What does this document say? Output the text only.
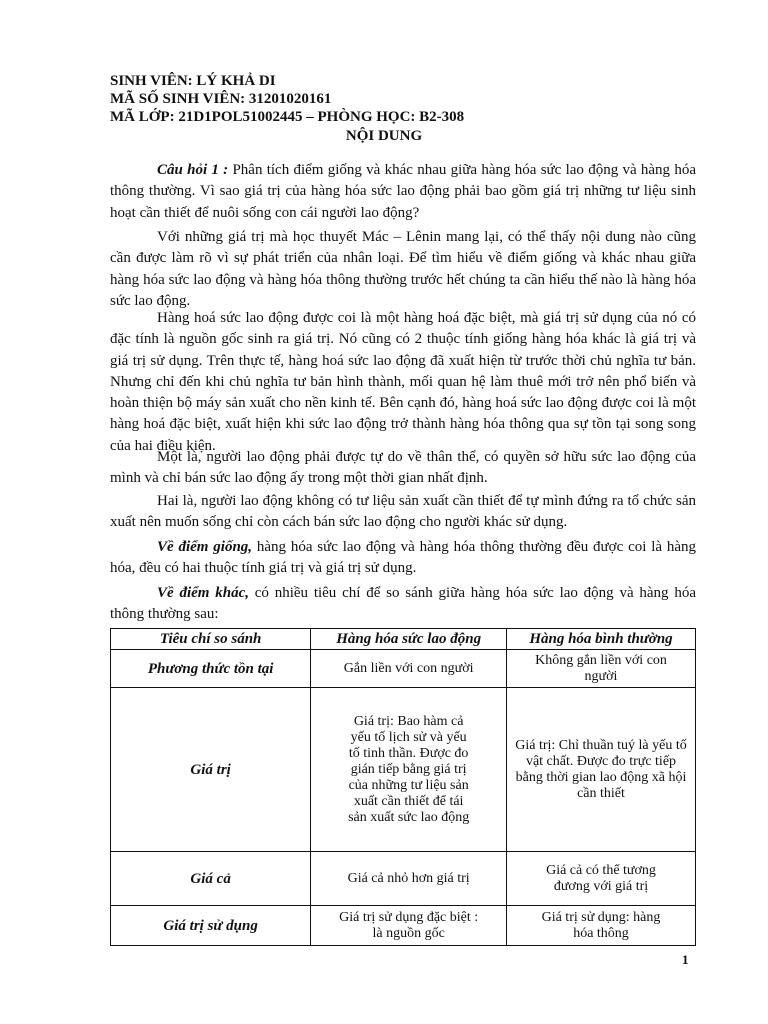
SINH VIÊN: LÝ KHẢ DI
MÃ SỐ SINH VIÊN: 31201020161
MÃ LỚP: 21D1POL51002445 – PHÒNG HỌC: B2-308
NỘI DUNG

Câu hỏi 1 : Phân tích điểm giống và khác nhau giữa hàng hóa sức lao động và hàng hóa thông thường. Vì sao giá trị của hàng hóa sức lao động phải bao gồm giá trị những tư liệu sinh hoạt cần thiết để nuôi sống con cái người lao động?

Với những giá trị mà học thuyết Mác – Lênin mang lại, có thể thấy nội dung nào cũng cần được làm rõ vì sự phát triển của nhân loại. Để tìm hiểu về điểm giống và khác nhau giữa hàng hóa sức lao động và hàng hóa thông thường trước hết chúng ta cần hiểu thế nào là hàng hóa sức lao động.

Hàng hoá sức lao động được coi là một hàng hoá đặc biệt, mà giá trị sử dụng của nó có đặc tính là nguồn gốc sinh ra giá trị. Nó cũng có 2 thuộc tính giống hàng hóa khác là giá trị và giá trị sử dụng. Trên thực tế, hàng hoá sức lao động đã xuất hiện từ trước thời chủ nghĩa tư bản. Nhưng chỉ đến khi chủ nghĩa tư bản hình thành, mối quan hệ làm thuê mới trở nên phổ biến và hoàn thiện bộ máy sản xuất cho nền kinh tế. Bên cạnh đó, hàng hoá sức lao động được coi là một hàng hoá đặc biệt, xuất hiện khi sức lao động trở thành hàng hóa thông qua sự tồn tại song song của hai điều kiện.

Một là, người lao động phải được tự do về thân thể, có quyền sở hữu sức lao động của mình và chỉ bán sức lao động ấy trong một thời gian nhất định.

Hai là, người lao động không có tư liệu sản xuất cần thiết để tự mình đứng ra tổ chức sản xuất nên muốn sống chỉ còn cách bán sức lao động cho người khác sử dụng.

Về điểm giống, hàng hóa sức lao động và hàng hóa thông thường đều được coi là hàng hóa, đều có hai thuộc tính giá trị và giá trị sử dụng.

Về điểm khác, có nhiều tiêu chí để so sánh giữa hàng hóa sức lao động và hàng hóa thông thường sau:

Tiêu chí so sánh	Hàng hóa sức lao động	Hàng hóa bình thường
Phương thức tồn tại	Gắn liền với con người	Không gắn liền với con người
Giá trị	Giá trị: Bao hàm cả yếu tố lịch sử và yếu tố tinh thần. Được đo gián tiếp bằng giá trị của những tư liệu sản xuất cần thiết để tái sản xuất sức lao động	Giá trị: Chỉ thuần tuý là yếu tố vật chất. Được đo trực tiếp bằng thời gian lao động xã hội cần thiết
Giá cả	Giá cả nhỏ hơn giá trị	Giá cả có thể tương đương với giá trị
Giá trị sử dụng	Giá trị sử dụng đặc biệt : là nguồn gốc	Giá trị sử dụng: hàng hóa thông
1
